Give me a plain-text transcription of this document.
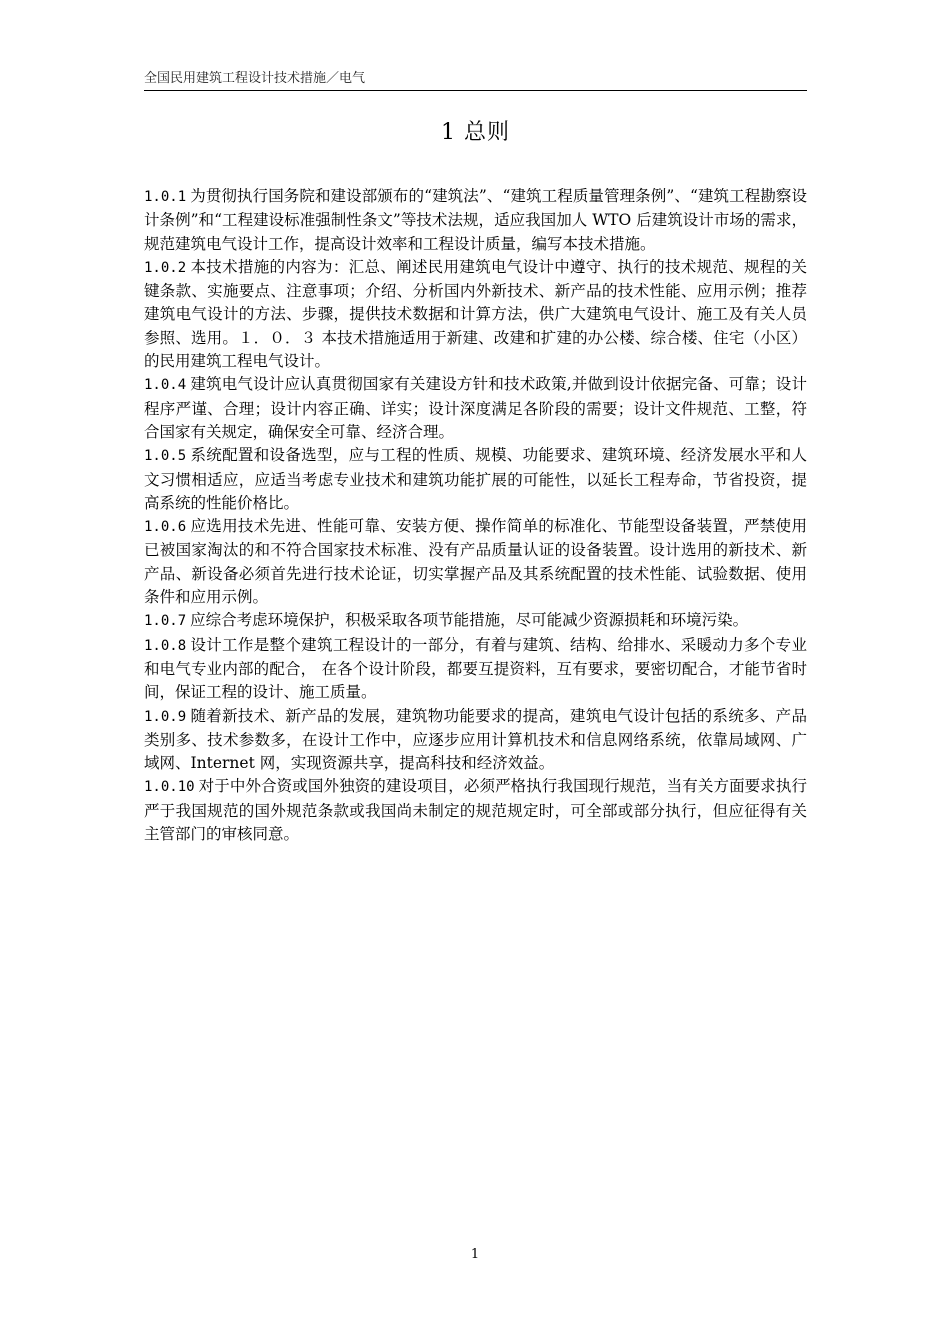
全国民用建筑工程设计技术措施／电气
1 总则

1.0.1 为贯彻执行国务院和建设部颁布的“建筑法”、“建筑工程质量管理条例”、“建筑工程勘察设计条例”和“工程建设标准强制性条文”等技术法规，适应我国加人 WTO 后建筑设计市场的需求，规范建筑电气设计工作，提高设计效率和工程设计质量，编写本技术措施。

1.0.2 本技术措施的内容为：汇总、阐述民用建筑电气设计中遵守、执行的技术规范、规程的关键条款、实施要点、注意事项；介绍、分析国内外新技术、新产品的技术性能、应用示例；推荐建筑电气设计的方法、步骤，提供技术数据和计算方法，供广大建筑电气设计、施工及有关人员参照、选用。１．０．３ 本技术措施适用于新建、改建和扩建的办公楼、综合楼、住宅（小区）的民用建筑工程电气设计。

1.0.4 建筑电气设计应认真贯彻国家有关建设方针和技术政策,并做到设计依据完备、可靠；设计程序严谨、合理；设计内容正确、详实；设计深度满足各阶段的需要；设计文件规范、工整，符合国家有关规定，确保安全可靠、经济合理。

1.0.5 系统配置和设备选型，应与工程的性质、规模、功能要求、建筑环境、经济发展水平和人文习惯相适应，应适当考虑专业技术和建筑功能扩展的可能性，以延长工程寿命，节省投资，提高系统的性能价格比。

1.0.6 应选用技术先进、性能可靠、安装方便、操作简单的标准化、节能型设备装置，严禁使用已被国家淘汰的和不符合国家技术标准、没有产品质量认证的设备装置。设计选用的新技术、新产品、新设备必须首先进行技术论证，切实掌握产品及其系统配置的技术性能、试验数据、使用条件和应用示例。

1.0.7 应综合考虑环境保护，积极采取各项节能措施，尽可能减少资源损耗和环境污染。

1.0.8 设计工作是整个建筑工程设计的一部分，有着与建筑、结构、给排水、采暖动力多个专业和电气专业内部的配合， 在各个设计阶段，都要互提资料，互有要求，要密切配合，才能节省时间，保证工程的设计、施工质量。

1.0.9 随着新技术、新产品的发展，建筑物功能要求的提高，建筑电气设计包括的系统多、产品类别多、技术参数多，在设计工作中，应逐步应用计算机技术和信息网络系统，依靠局域网、广域网、Internet 网，实现资源共享，提高科技和经济效益。

1.0.10 对于中外合资或国外独资的建设项目，必须严格执行我国现行规范，当有关方面要求执行严于我国规范的国外规范条款或我国尚未制定的规范规定时，可全部或部分执行，但应征得有关主管部门的审核同意。

1
